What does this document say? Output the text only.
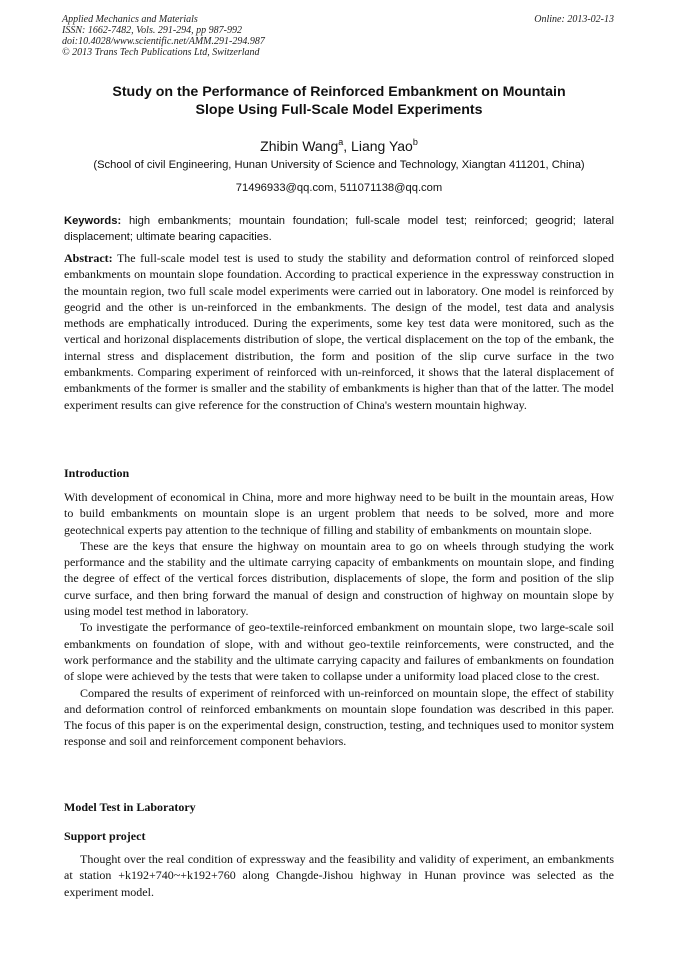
Applied Mechanics and Materials
ISSN: 1662-7482, Vols. 291-294, pp 987-992
doi:10.4028/www.scientific.net/AMM.291-294.987
© 2013 Trans Tech Publications Ltd, Switzerland
Online: 2013-02-13
Study on the Performance of Reinforced Embankment on Mountain
Slope Using Full-Scale Model Experiments
Zhibin Wang$^a$, Liang Yao$^b$
(School of civil Engineering, Hunan University of Science and Technology, Xiangtan 411201, China)
71496933@qq.com, 511071138@qq.com
Keywords: high embankments; mountain foundation; full-scale model test; reinforced; geogrid; lateral displacement; ultimate bearing capacities.
Abstract: The full-scale model test is used to study the stability and deformation control of reinforced sloped embankments on mountain slope foundation. According to practical experience in the expressway construction in the mountain region, two full scale model experiments were carried out in laboratory. One model is reinforced by geogrid and the other is un-reinforced in the embankments. The design of the model, test data and analysis methods are emphatically introduced. During the experiments, some key test data were monitored, such as the vertical and horizonal displacements distribution of slope, the vertical displacement on the top of the embank, the internal stress and displacement distribution, the form and position of the slip curve surface in the two embankments. Comparing experiment of reinforced with un-reinforced, it shows that the lateral displacement of embankments of the former is smaller and the stability of embankments is higher than that of the latter. The model experiment results can give reference for the construction of China's western mountain highway.
Introduction

With development of economical in China, more and more highway need to be built in the mountain areas, How to build embankments on mountain slope is an urgent problem that needs to be solved, more and more geotechnical experts pay attention to the technique of filling and stability of embankments on mountain slope.

These are the keys that ensure the highway on mountain area to go on wheels through studying the work performance and the stability and the ultimate carrying capacity of embankments on mountain slope, and finding the degree of effect of the vertical forces distribution, displacements of slope, the form and position of the slip curve surface, and then bring forward the manual of design and construction of highway on mountain slope by using model test method in laboratory.

To investigate the performance of geo-textile-reinforced embankment on mountain slope, two large-scale soil embankments on foundation of slope, with and without geo-textile reinforcements, were constructed, and the work performance and the stability and the ultimate carrying capacity and failures of embankments on foundation of slope were achieved by the tests that were taken to collapse under a uniformity load placed close to the crest.

Compared the results of experiment of reinforced with un-reinforced on mountain slope, the effect of stability and deformation control of reinforced embankments on mountain slope foundation was described in this paper. The focus of this paper is on the experimental design, construction, testing, and techniques used to monitor system response and soil and reinforcement component behaviors.

Model Test in Laboratory
Support project

Thought over the real condition of expressway and the feasibility and validity of experiment, an embankments at station +k192+740~+k192+760 along Changde-Jishou highway in Hunan province was selected as the experiment model.
